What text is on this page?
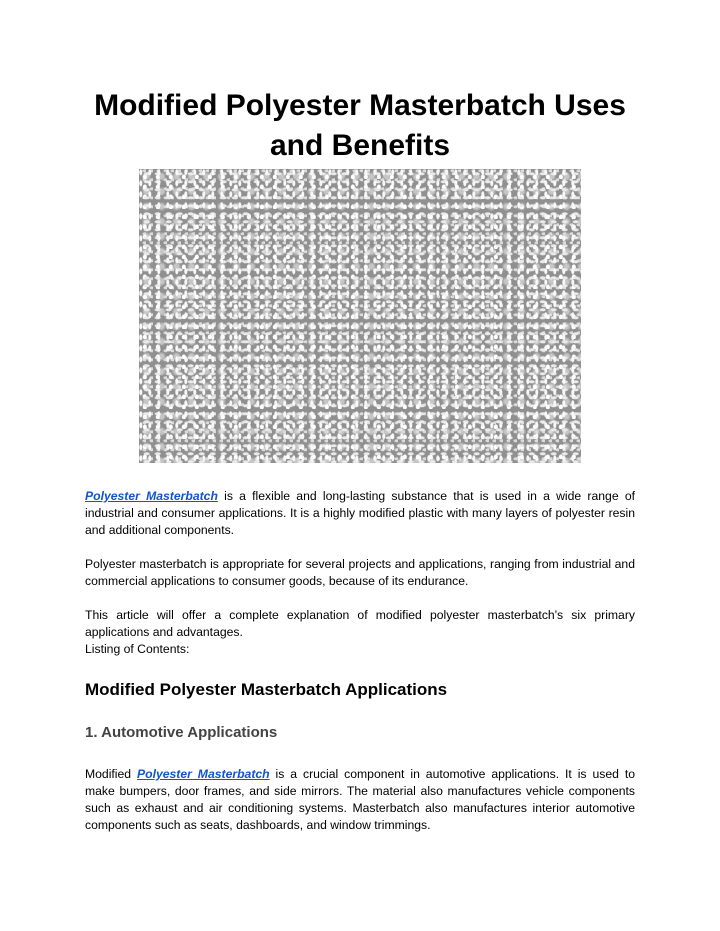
Modified Polyester Masterbatch Uses and Benefits

Polyester Masterbatch is a flexible and long-lasting substance that is used in a wide range of industrial and consumer applications. It is a highly modified plastic with many layers of polyester resin and additional components.

Polyester masterbatch is appropriate for several projects and applications, ranging from industrial and commercial applications to consumer goods, because of its endurance.

This article will offer a complete explanation of modified polyester masterbatch's six primary applications and advantages.

Listing of Contents:

Modified Polyester Masterbatch Applications
1. Automotive Applications

Modified Polyester Masterbatch is a crucial component in automotive applications. It is used to make bumpers, door frames, and side mirrors. The material also manufactures vehicle components such as exhaust and air conditioning systems. Masterbatch also manufactures interior automotive components such as seats, dashboards, and window trimmings.
